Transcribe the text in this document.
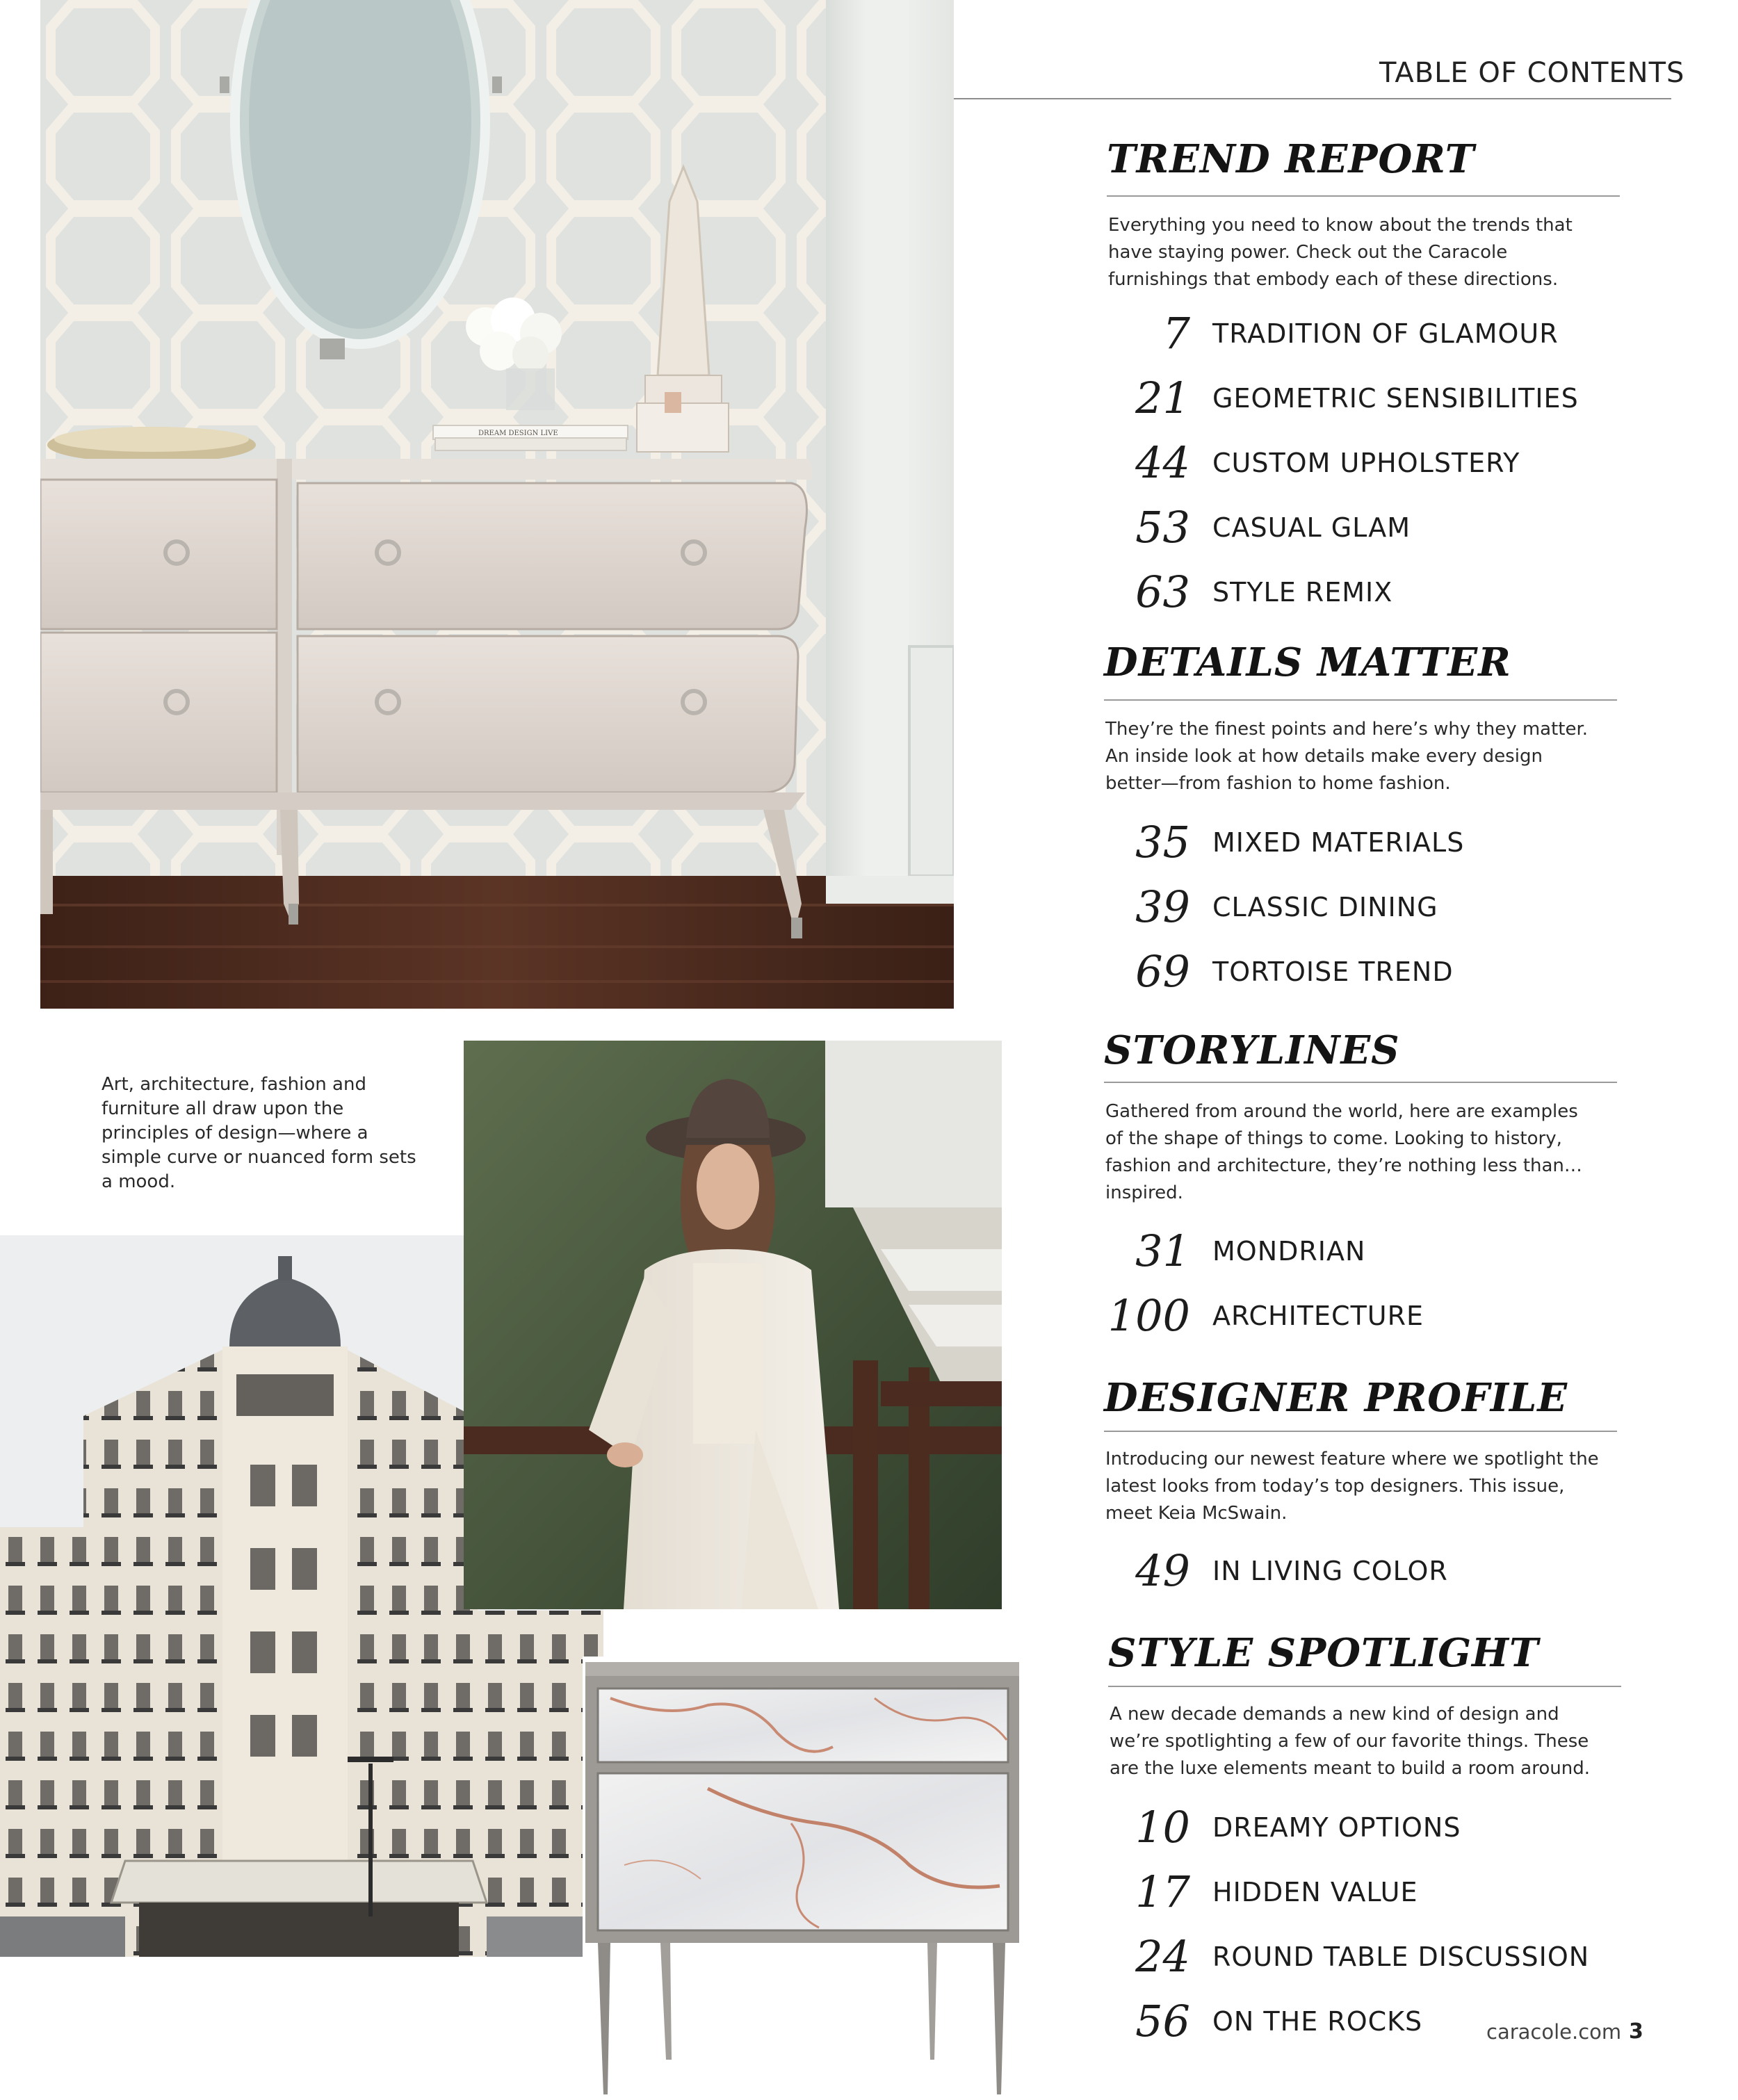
TABLE OF CONTENTS
DREAM DESIGN LIVE
Art, architecture, fashion and furniture all draw upon the principles of design—where a simple curve or nuanced form sets a mood.
TREND REPORT
Everything you need to know about the trends that have staying power. Check out the Caracole furnishings that embody each of these directions.
7 TRADITION OF GLAMOUR
21 GEOMETRIC SENSIBILITIES
44 CUSTOM UPHOLSTERY
53 CASUAL GLAM
63 STYLE REMIX
DETAILS MATTER
They’re the finest points and here’s why they matter. An inside look at how details make every design better—from fashion to home fashion.
35 MIXED MATERIALS
39 CLASSIC DINING
69 TORTOISE TREND
STORYLINES
Gathered from around the world, here are examples of the shape of things to come. Looking to history, fashion and architecture, they’re nothing less than… inspired.
31 MONDRIAN
100 ARCHITECTURE
DESIGNER PROFILE
Introducing our newest feature where we spotlight the latest looks from today’s top designers. This issue, meet Keia McSwain.
49 IN LIVING COLOR
STYLE SPOTLIGHT
A new decade demands a new kind of design and we’re spotlighting a few of our favorite things. These are the luxe elements meant to build a room around.
10 DREAMY OPTIONS
17 HIDDEN VALUE
24 ROUND TABLE DISCUSSION
56 ON THE ROCKS	caracole.com 3
